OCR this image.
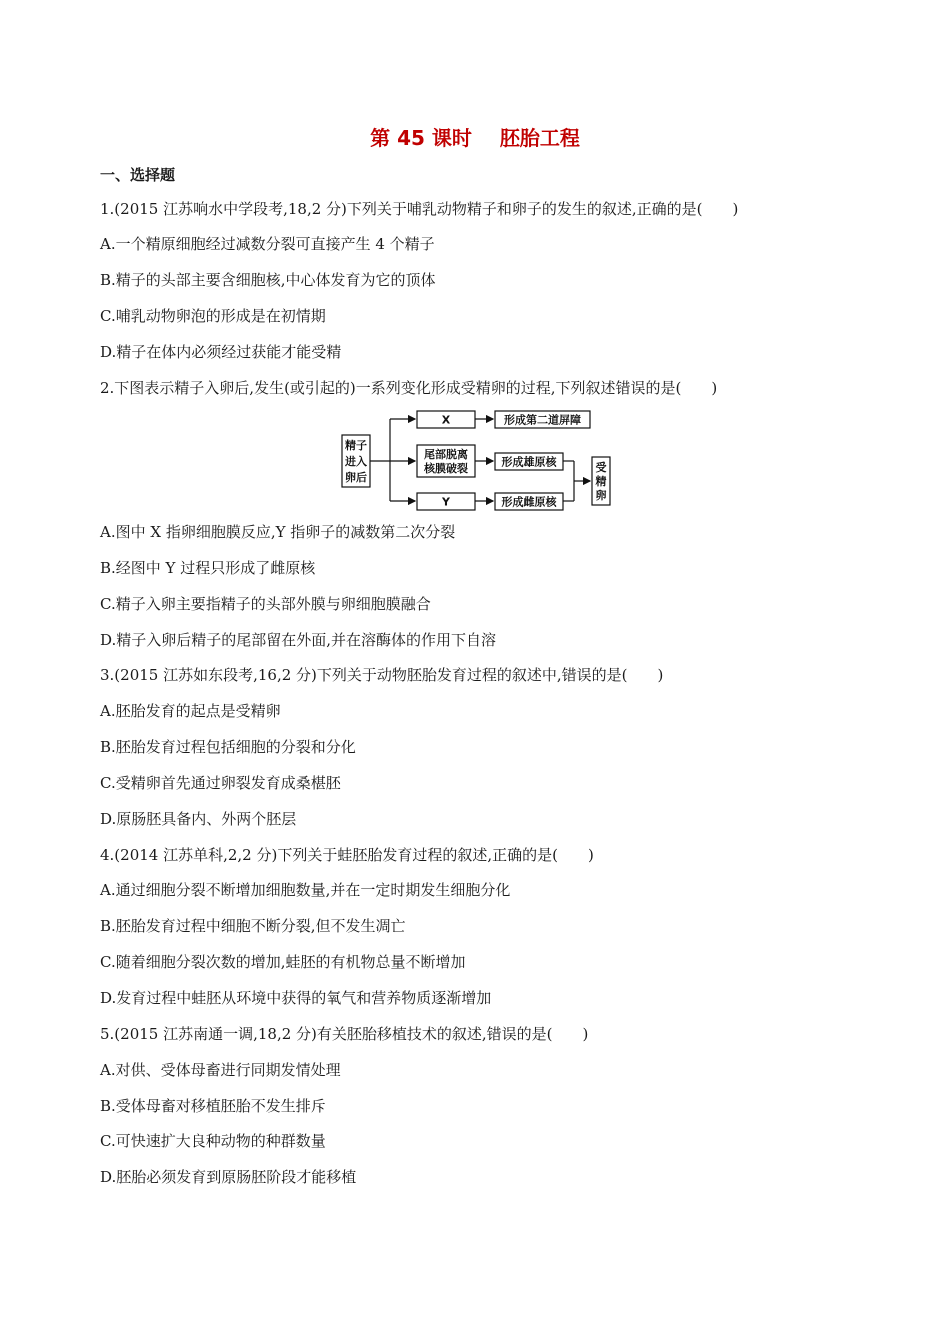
第 45 课时 胚胎工程
一、选择题
1.(2015 江苏响水中学段考,18,2 分)下列关于哺乳动物精子和卵子的发生的叙述,正确的是(　　)
A.一个精原细胞经过减数分裂可直接产生 4 个精子
B.精子的头部主要含细胞核,中心体发育为它的顶体
C.哺乳动物卵泡的形成是在初情期
D.精子在体内必须经过获能才能受精
2.下图表示精子入卵后,发生(或引起的)一系列变化形成受精卵的过程,下列叙述错误的是(　　)
精子
进入
卵后
X	形成第二道屏障
尾部脱离
核膜破裂	形成雄原核
Y	形成雌原核
受
精
卵
A.图中 X 指卵细胞膜反应,Y 指卵子的减数第二次分裂
B.经图中 Y 过程只形成了雌原核
C.精子入卵主要指精子的头部外膜与卵细胞膜融合
D.精子入卵后精子的尾部留在外面,并在溶酶体的作用下自溶
3.(2015 江苏如东段考,16,2 分)下列关于动物胚胎发育过程的叙述中,错误的是(　　)
A.胚胎发育的起点是受精卵
B.胚胎发育过程包括细胞的分裂和分化
C.受精卵首先通过卵裂发育成桑椹胚
D.原肠胚具备内、外两个胚层
4.(2014 江苏单科,2,2 分)下列关于蛙胚胎发育过程的叙述,正确的是(　　)
A.通过细胞分裂不断增加细胞数量,并在一定时期发生细胞分化
B.胚胎发育过程中细胞不断分裂,但不发生凋亡
C.随着细胞分裂次数的增加,蛙胚的有机物总量不断增加
D.发育过程中蛙胚从环境中获得的氧气和营养物质逐渐增加
5.(2015 江苏南通一调,18,2 分)有关胚胎移植技术的叙述,错误的是(　　)
A.对供、受体母畜进行同期发情处理
B.受体母畜对移植胚胎不发生排斥
C.可快速扩大良种动物的种群数量
D.胚胎必须发育到原肠胚阶段才能移植
